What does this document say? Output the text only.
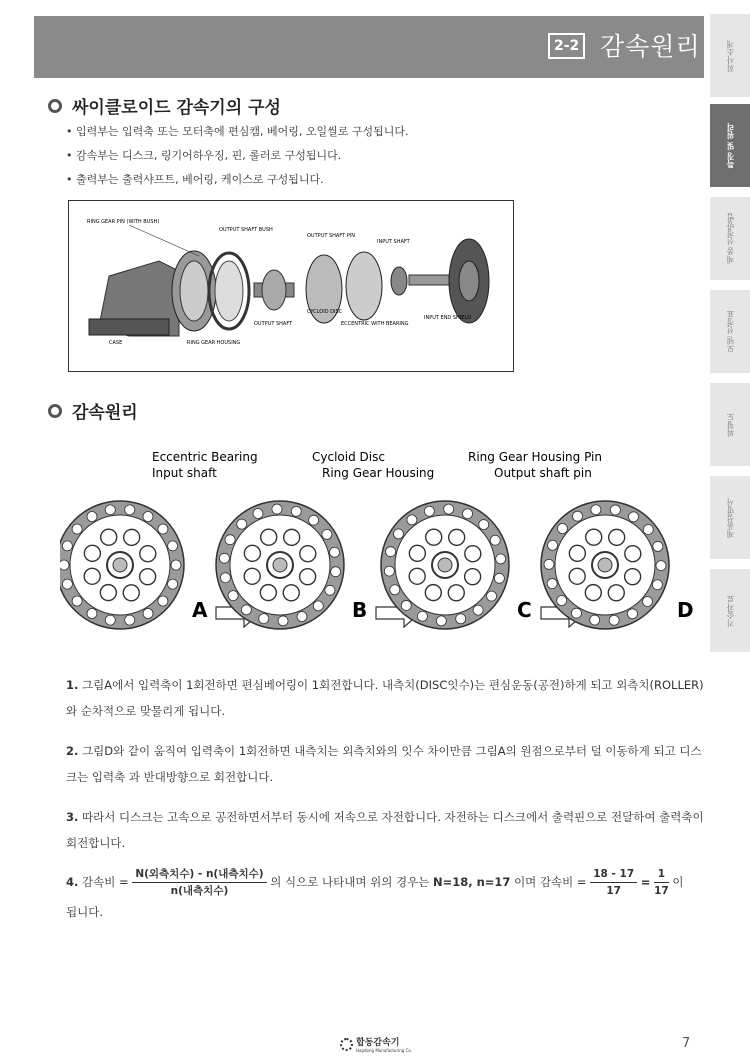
2-2 감속원리	회사소개
특징 및 원리
제품 선정방법
모델 선정표
외형도
제품설명서
기술자료
싸이클로이드 감속기의 구성
• 입력부는 입력축 또는 모터축에 편심캠, 베어링, 오일씰로 구성됩니다.
• 감속부는 디스크, 링기어하우징, 핀, 롤러로 구성됩니다.
• 출력부는 출력샤프트, 베어링, 케이스로 구성됩니다.
RING GEAR PIN (WITH BUSH)
OUTPUT SHAFT BUSH
OUTPUT SHAFT PIN
INPUT SHAFT
CYCLOID DISC
OUTPUT SHAFT	ECCENTRIC WITH BEARING
INPUT END SHIELD
CASE	RING GEAR HOUSING
감속원리
Eccentric Bearing
Input shaft
Cycloid Disc
Ring Gear Housing
Ring Gear Housing Pin
Output shaft pin
A	B	C	D
1. 그림A에서 입력축이 1회전하면 편심베어링이 1회전합니다. 내측치(DISC잇수)는 편심운동(공전)하게 되고 외측치(ROLLER)와 순차적으로 맞물리게 됩니다.
2. 그림D와 같이 움직여 입력축이 1회전하면 내측치는 외측치와의 잇수 차이만큼 그림A의 원점으로부터 덜 이동하게 되고 디스크는 입력축 과 반대방향으로 회전합니다.
3. 따라서 디스크는 고속으로 공전하면서부터 동시에 저속으로 자전합니다. 자전하는 디스크에서 출력핀으로 전달하여 출력축이 회전합니다.
4. 감속비 = $\frac{\text{N(외측치수) - n(내측치수)}}{\text{n(내측치수)}}$ 의 식으로 나타내며 위의 경우는 N=18, n=17 이며 감속비 = $\frac{18 - 17}{17} = \frac{1}{17}$ 이
됩니다.
합동감속기
Hapdong Manufacturing Co.	7
